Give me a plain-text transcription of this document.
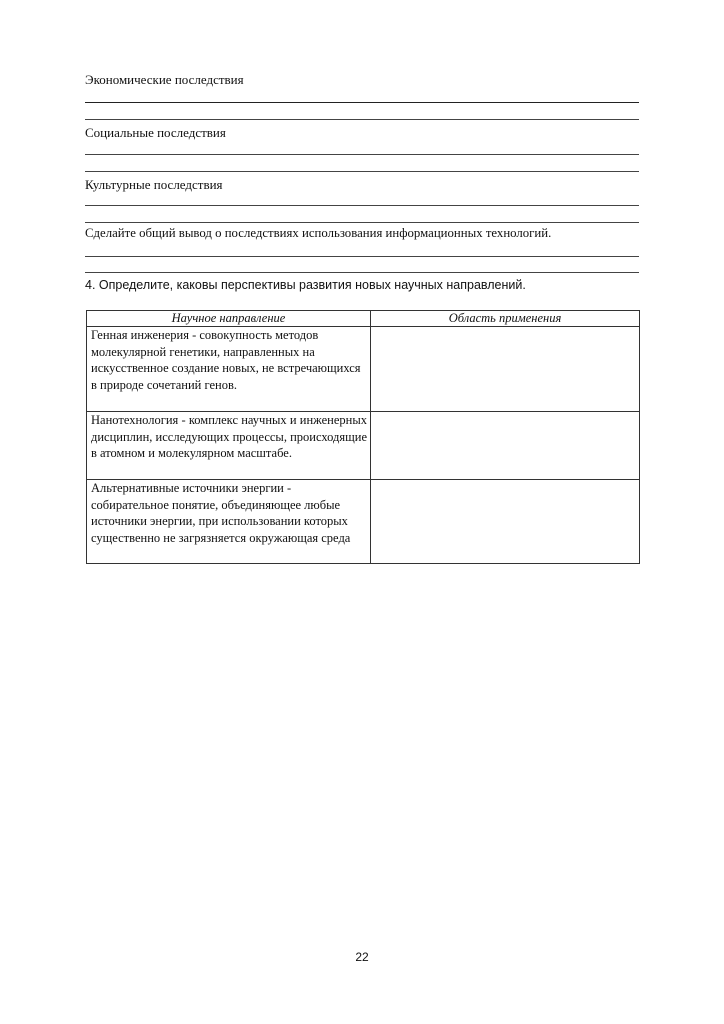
Экономические последствия
Социальные последствия
Культурные последствия
Сделайте общий вывод о последствиях использования информационных технологий.
4. Определите, каковы перспективы развития новых научных направлений.
Научное направление	Область применения
Генная инженерия - совокупность методов молекулярной генетики, направленных на искусственное создание новых, не встречающихся в природе сочетаний генов.	
Нанотехнология - комплекс научных и инженерных дисциплин, исследующих процессы, происходящие в атомном и молекулярном масштабе.	
Альтернативные источники энергии - собирательное понятие, объединяющее любые источники энергии, при использовании которых существенно не загрязняется окружающая среда	
22
